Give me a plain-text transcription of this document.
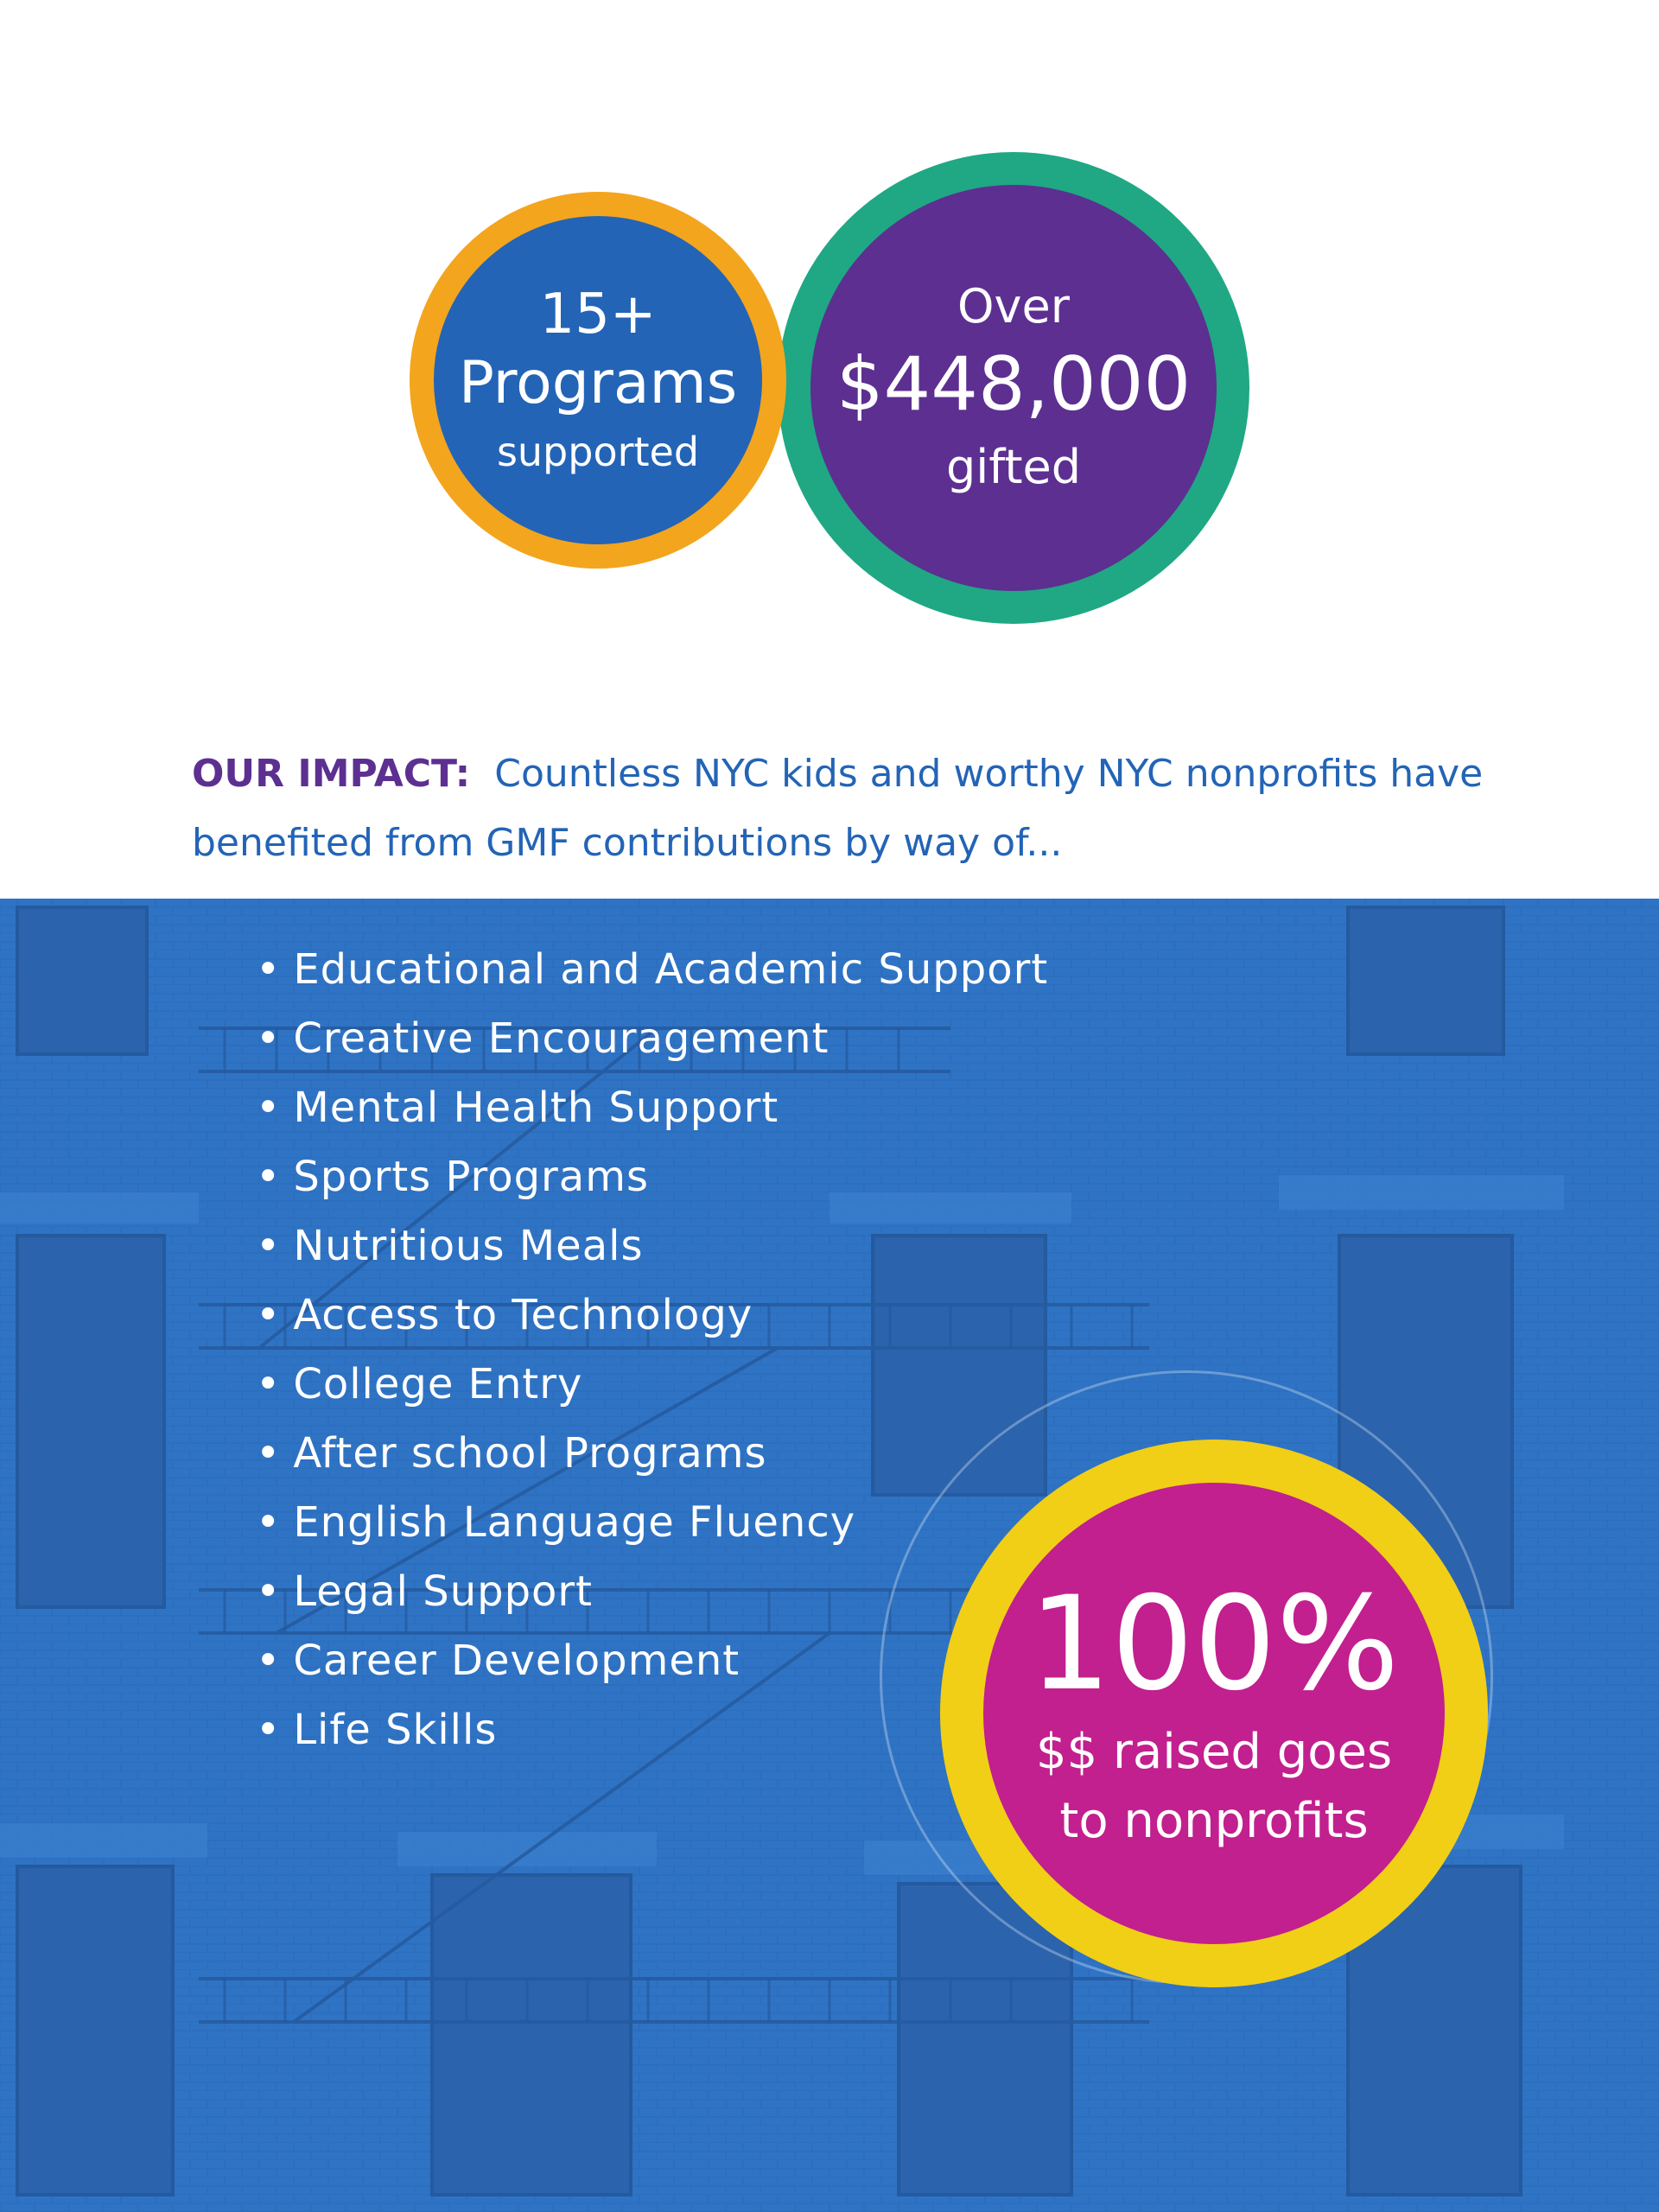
15+
Programs
supported
Over
$448,000
gifted
OUR IMPACT: Countless NYC kids and worthy NYC nonprofits have benefited from GMF contributions by way of...
• Educational and Academic Support
• Creative Encouragement
• Mental Health Support
• Sports Programs
• Nutritious Meals
• Access to Technology
• College Entry
• After school Programs
• English Language Fluency
• Legal Support
• Career Development
• Life Skills
100%
$$ raised goes
to nonprofits
